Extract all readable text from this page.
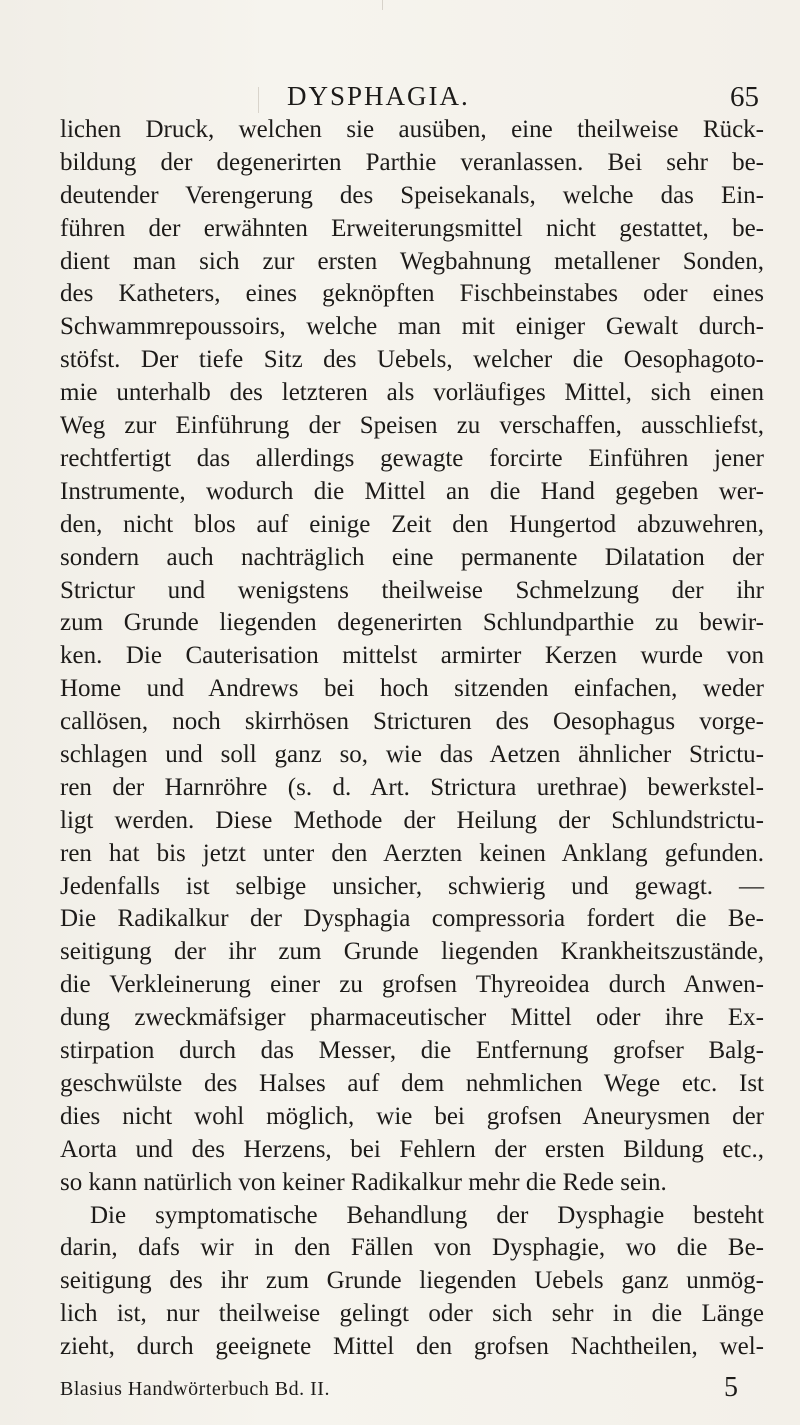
DYSPHAGIA.	65
lichen Druck, welchen sie ausüben, eine theilweise Rück-
bildung der degenerirten Parthie veranlassen. Bei sehr be-
deutender Verengerung des Speisekanals, welche das Ein-
führen der erwähnten Erweiterungsmittel nicht gestattet, be-
dient man sich zur ersten Wegbahnung metallener Sonden,
des Katheters, eines geknöpften Fischbeinstabes oder eines
Schwammrepoussoirs, welche man mit einiger Gewalt durch-
stöfst. Der tiefe Sitz des Uebels, welcher die Oesophagoto-
mie unterhalb des letzteren als vorläufiges Mittel, sich einen
Weg zur Einführung der Speisen zu verschaffen, ausschliefst,
rechtfertigt das allerdings gewagte forcirte Einführen jener
Instrumente, wodurch die Mittel an die Hand gegeben wer-
den, nicht blos auf einige Zeit den Hungertod abzuwehren,
sondern auch nachträglich eine permanente Dilatation der
Strictur und wenigstens theilweise Schmelzung der ihr
zum Grunde liegenden degenerirten Schlundparthie zu bewir-
ken. Die Cauterisation mittelst armirter Kerzen wurde von
Home und Andrews bei hoch sitzenden einfachen, weder
callösen, noch skirrhösen Stricturen des Oesophagus vorge-
schlagen und soll ganz so, wie das Aetzen ähnlicher Strictu-
ren der Harnröhre (s. d. Art. Strictura urethrae) bewerkstel-
ligt werden. Diese Methode der Heilung der Schlundstrictu-
ren hat bis jetzt unter den Aerzten keinen Anklang gefunden.
Jedenfalls ist selbige unsicher, schwierig und gewagt. —
Die Radikalkur der Dysphagia compressoria fordert die Be-
seitigung der ihr zum Grunde liegenden Krankheitszustände,
die Verkleinerung einer zu grofsen Thyreoidea durch Anwen-
dung zweckmäfsiger pharmaceutischer Mittel oder ihre Ex-
stirpation durch das Messer, die Entfernung grofser Balg-
geschwülste des Halses auf dem nehmlichen Wege etc. Ist
dies nicht wohl möglich, wie bei grofsen Aneurysmen der
Aorta und des Herzens, bei Fehlern der ersten Bildung etc.,
so kann natürlich von keiner Radikalkur mehr die Rede sein.
Die symptomatische Behandlung der Dysphagie besteht
darin, dafs wir in den Fällen von Dysphagie, wo die Be-
seitigung des ihr zum Grunde liegenden Uebels ganz unmög-
lich ist, nur theilweise gelingt oder sich sehr in die Länge
zieht, durch geeignete Mittel den grofsen Nachtheilen, wel-
Blasius Handwörterbuch Bd. II.	5
